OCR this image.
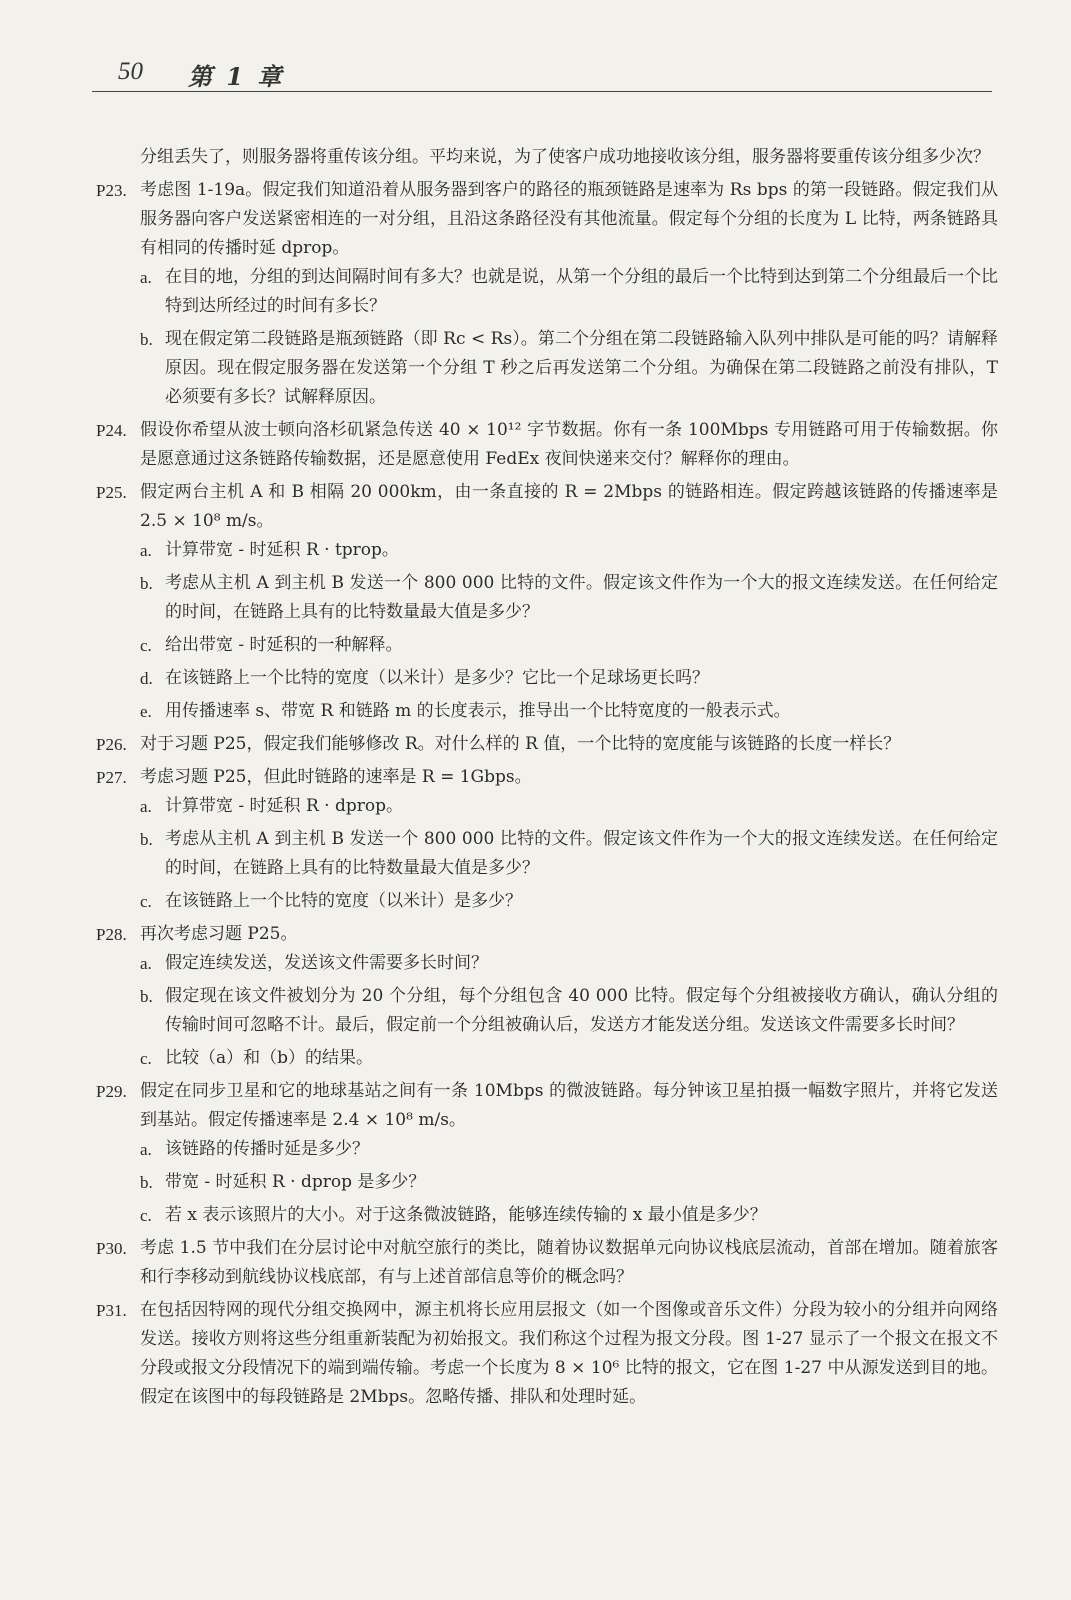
50 第 1 章
分组丢失了，则服务器将重传该分组。平均来说，为了使客户成功地接收该分组，服务器将要重传该分组多少次？
P23. 考虑图 1-19a。假定我们知道沿着从服务器到客户的路径的瓶颈链路是速率为 Rs bps 的第一段链路。假定我们从服务器向客户发送紧密相连的一对分组，且沿这条路径没有其他流量。假定每个分组的长度为 L 比特，两条链路具有相同的传播时延 dprop。
a. 在目的地，分组的到达间隔时间有多大？也就是说，从第一个分组的最后一个比特到达到第二个分组最后一个比特到达所经过的时间有多长？
b. 现在假定第二段链路是瓶颈链路（即 Rc < Rs）。第二个分组在第二段链路输入队列中排队是可能的吗？请解释原因。现在假定服务器在发送第一个分组 T 秒之后再发送第二个分组。为确保在第二段链路之前没有排队，T 必须要有多长？试解释原因。
P24. 假设你希望从波士顿向洛杉矶紧急传送 40 × 10¹² 字节数据。你有一条 100Mbps 专用链路可用于传输数据。你是愿意通过这条链路传输数据，还是愿意使用 FedEx 夜间快递来交付？解释你的理由。
P25. 假定两台主机 A 和 B 相隔 20 000km，由一条直接的 R = 2Mbps 的链路相连。假定跨越该链路的传播速率是 2.5 × 10⁸ m/s。
a. 计算带宽 - 时延积 R · tprop。
b. 考虑从主机 A 到主机 B 发送一个 800 000 比特的文件。假定该文件作为一个大的报文连续发送。在任何给定的时间，在链路上具有的比特数量最大值是多少？
c. 给出带宽 - 时延积的一种解释。
d. 在该链路上一个比特的宽度（以米计）是多少？它比一个足球场更长吗？
e. 用传播速率 s、带宽 R 和链路 m 的长度表示，推导出一个比特宽度的一般表示式。
P26. 对于习题 P25，假定我们能够修改 R。对什么样的 R 值，一个比特的宽度能与该链路的长度一样长？
P27. 考虑习题 P25，但此时链路的速率是 R = 1Gbps。
a. 计算带宽 - 时延积 R · dprop。
b. 考虑从主机 A 到主机 B 发送一个 800 000 比特的文件。假定该文件作为一个大的报文连续发送。在任何给定的时间，在链路上具有的比特数量最大值是多少？
c. 在该链路上一个比特的宽度（以米计）是多少？
P28. 再次考虑习题 P25。
a. 假定连续发送，发送该文件需要多长时间？
b. 假定现在该文件被划分为 20 个分组，每个分组包含 40 000 比特。假定每个分组被接收方确认，确认分组的传输时间可忽略不计。最后，假定前一个分组被确认后，发送方才能发送分组。发送该文件需要多长时间？
c. 比较（a）和（b）的结果。
P29. 假定在同步卫星和它的地球基站之间有一条 10Mbps 的微波链路。每分钟该卫星拍摄一幅数字照片，并将它发送到基站。假定传播速率是 2.4 × 10⁸ m/s。
a. 该链路的传播时延是多少？
b. 带宽 - 时延积 R · dprop 是多少？
c. 若 x 表示该照片的大小。对于这条微波链路，能够连续传输的 x 最小值是多少？
P30. 考虑 1.5 节中我们在分层讨论中对航空旅行的类比，随着协议数据单元向协议栈底层流动，首部在增加。随着旅客和行李移动到航线协议栈底部，有与上述首部信息等价的概念吗？
P31. 在包括因特网的现代分组交换网中，源主机将长应用层报文（如一个图像或音乐文件）分段为较小的分组并向网络发送。接收方则将这些分组重新装配为初始报文。我们称这个过程为报文分段。图 1-27 显示了一个报文在报文不分段或报文分段情况下的端到端传输。考虑一个长度为 8 × 10⁶ 比特的报文，它在图 1-27 中从源发送到目的地。假定在该图中的每段链路是 2Mbps。忽略传播、排队和处理时延。
